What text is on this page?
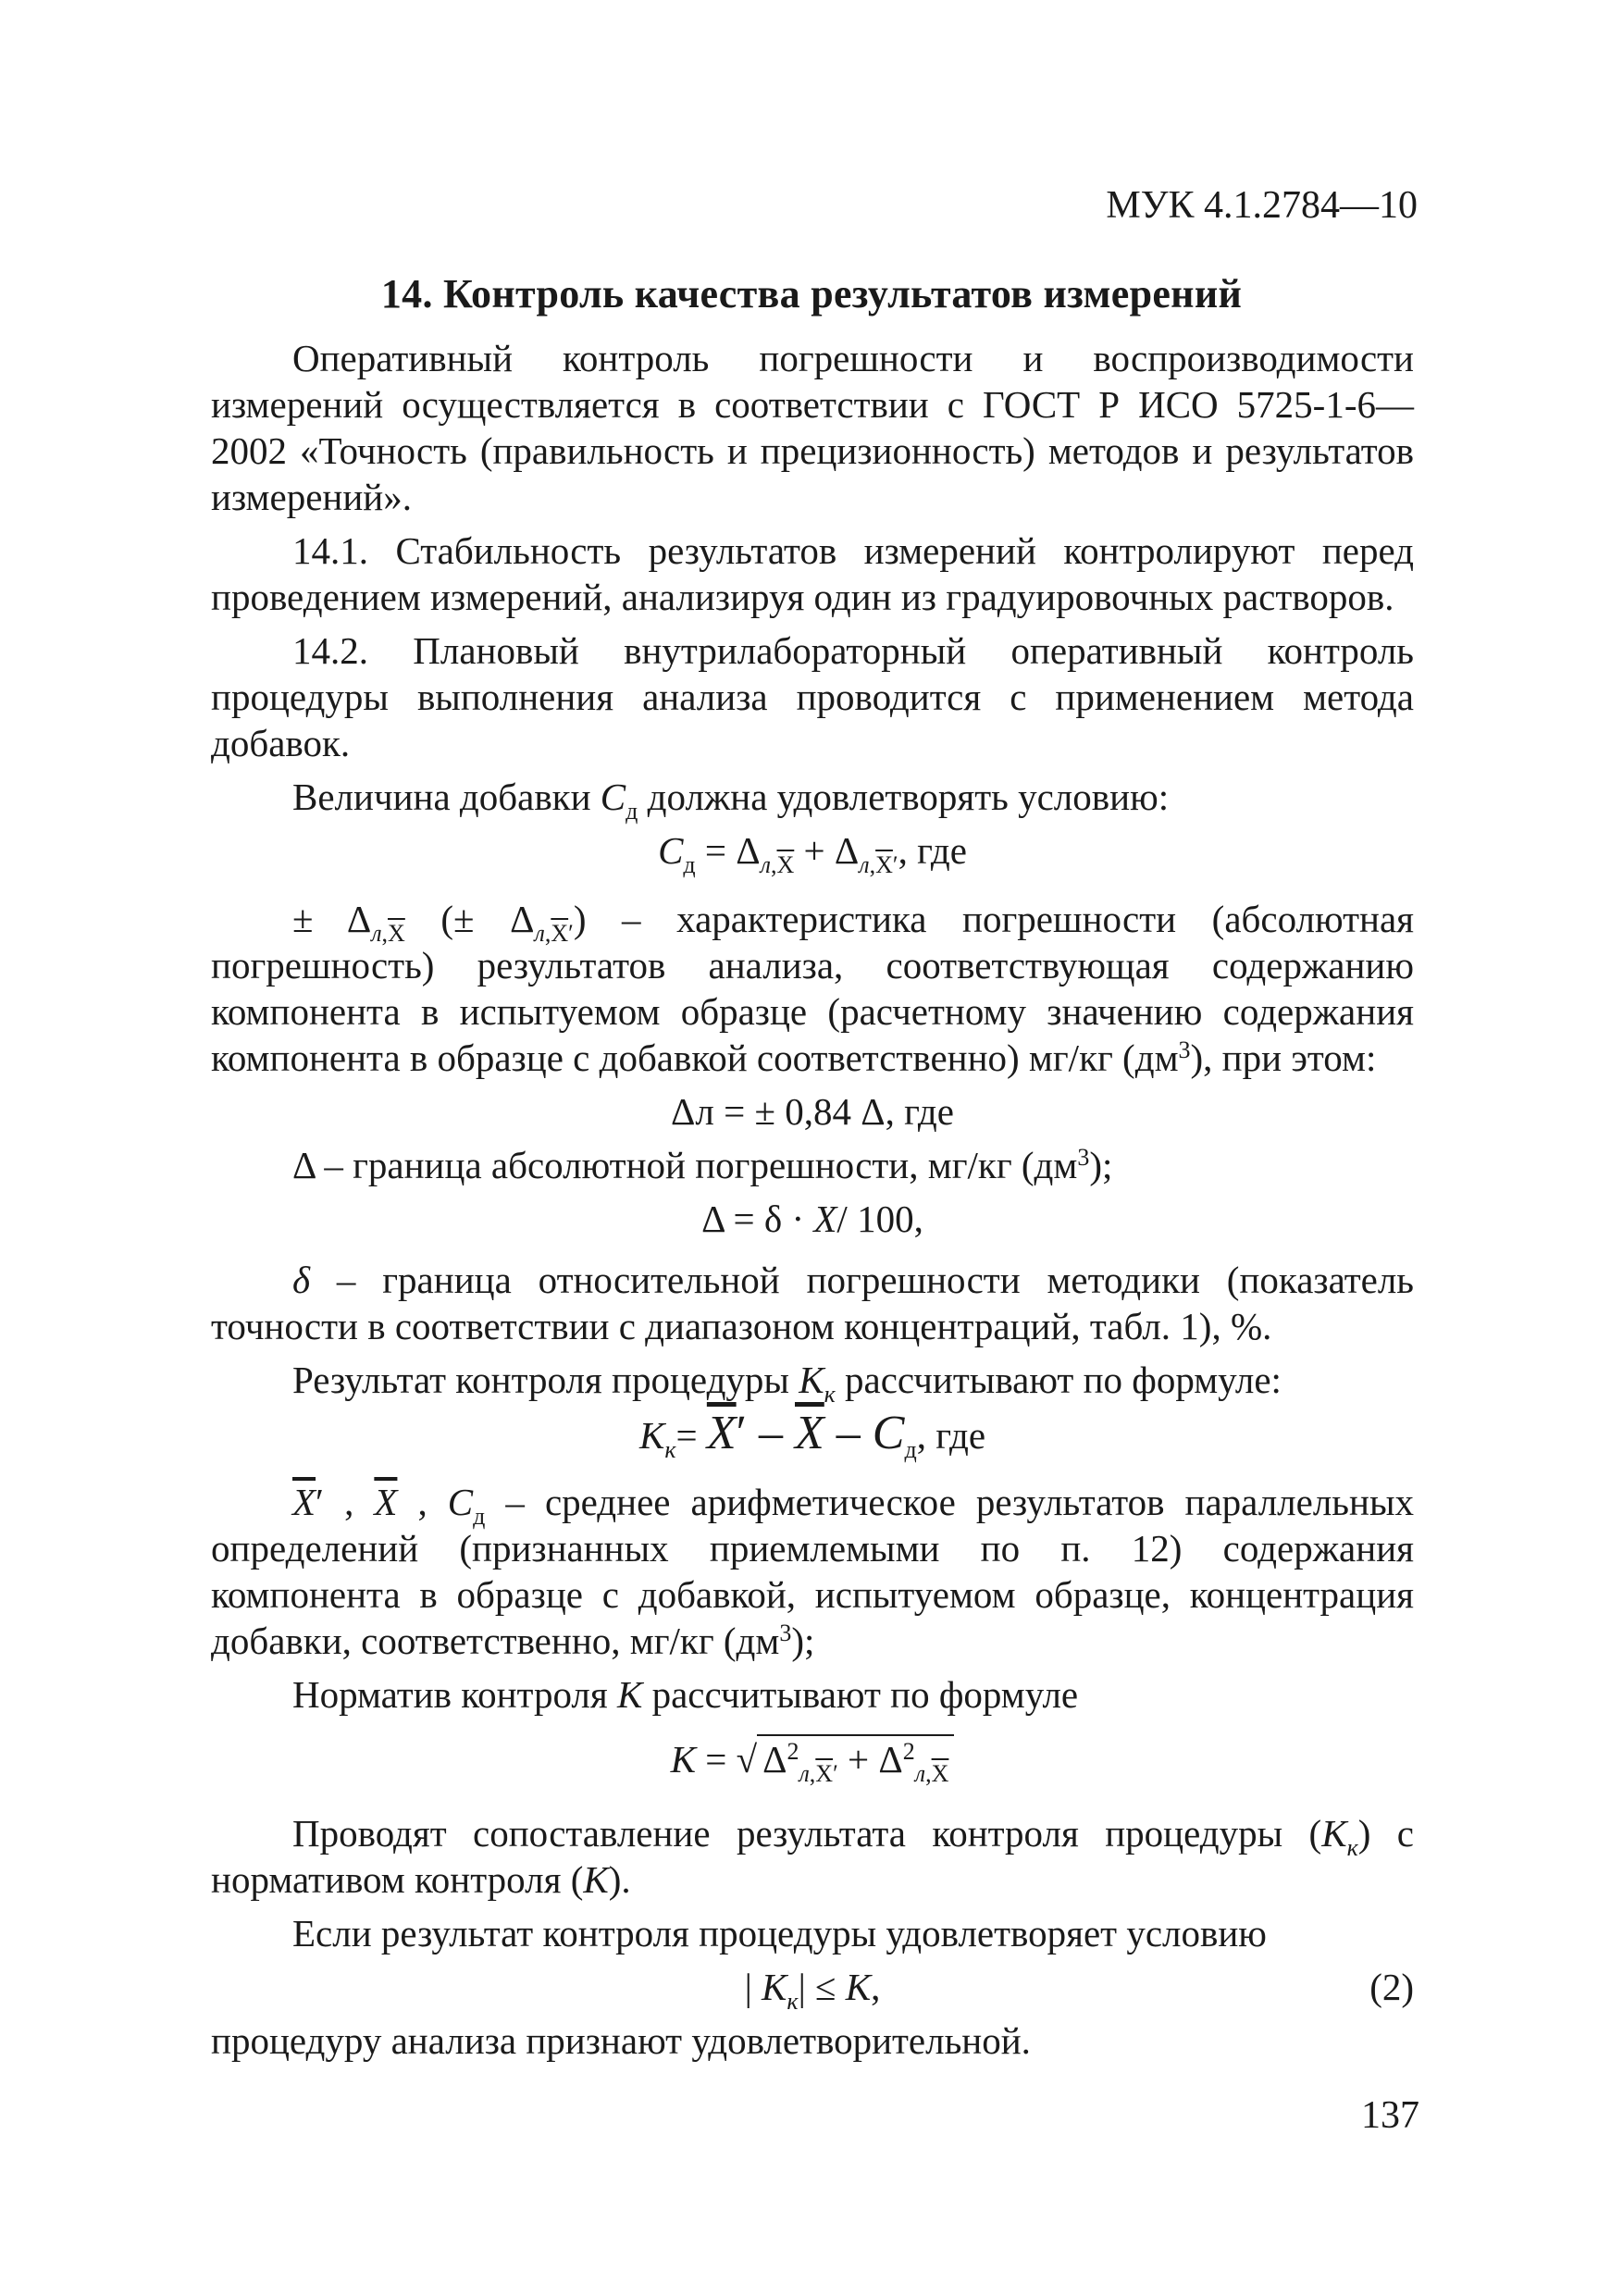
МУК 4.1.2784—10
14. Контроль качества результатов измерений

Оперативный контроль погрешности и воспроизводимости измерений осуществляется в соответствии с ГОСТ Р ИСО 5725-1-6—2002 «Точность (правильность и прецизионность) методов и результатов измерений».

14.1. Стабильность результатов измерений контролируют перед проведением измерений, анализируя один из градуировочных растворов.

14.2. Плановый внутрилабораторный оперативный контроль процедуры выполнения анализа проводится с применением метода добавок.

Величина добавки $C_д$ должна удовлетворять условию:

$C_д = \Delta_{л,\overline{X}} + \Delta_{л,\overline{X}'}$, где

± $\Delta_{л,\overline{X}}$ (± $\Delta_{л,\overline{X}'}$) – характеристика погрешности (абсолютная погрешность) результатов анализа, соответствующая содержанию компонента в испытуемом образце (расчетному значению содержания компонента в образце с добавкой соответственно) мг/кг $(дм^3)$, при этом:

Δл = ± 0,84 Δ, где

Δ – граница абсолютной погрешности, мг/кг $(дм^3)$;

Δ = δ · X/ 100,

δ – граница относительной погрешности методики (показатель точности в соответствии с диапазоном концентраций, табл. 1), %.

Результат контроля процедуры $K_к$ рассчитывают по формуле:

$K_к= \overline{X}' - \overline{X} - C_д$, где

$\overline{X}'$ , $\overline{X}$ , $C_д$ – среднее арифметическое результатов параллельных определений (признанных приемлемыми по п. 12) содержания компонента в образце с добавкой, испытуемом образце, концентрация добавки, соответственно, мг/кг $(дм^3)$;

Норматив контроля K рассчитывают по формуле

K = √ $\Delta^2_{л,\overline{X}'} + \Delta^2_{л,\overline{X}}$

Проводят сопоставление результата контроля процедуры $(K_к)$ с нормативом контроля (K).

Если результат контроля процедуры удовлетворяет условию

| $K_к| \le K$,	(2)

процедуру анализа признают удовлетворительной.

137
